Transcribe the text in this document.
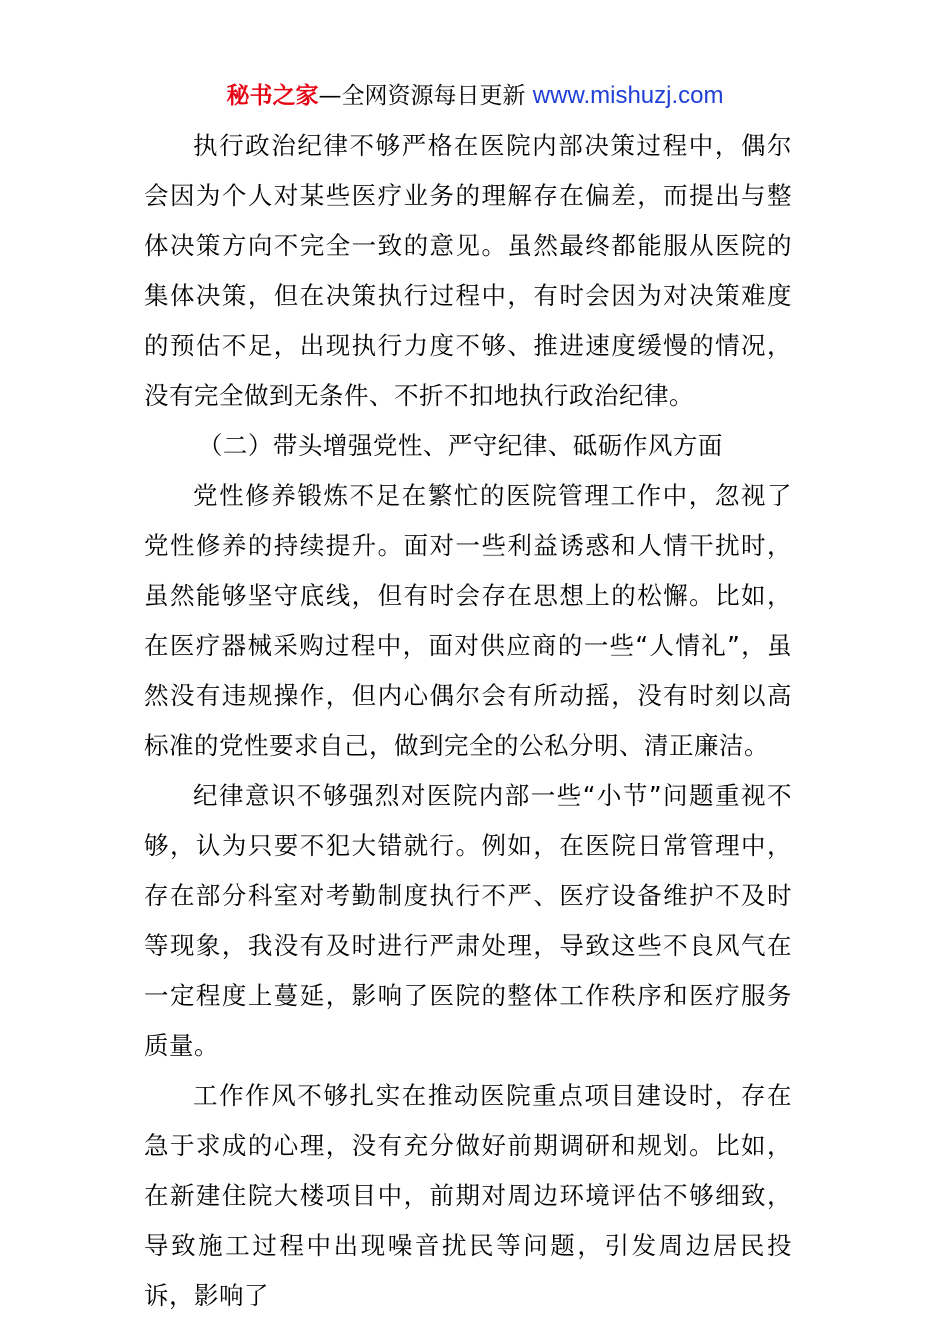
秘书之家—全网资源每日更新 www.mishuzj.com

执行政治纪律不够严格在医院内部决策过程中，偶尔会因为个人对某些医疗业务的理解存在偏差，而提出与整体决策方向不完全一致的意见。虽然最终都能服从医院的集体决策，但在决策执行过程中，有时会因为对决策难度的预估不足，出现执行力度不够、推进速度缓慢的情况，没有完全做到无条件、不折不扣地执行政治纪律。

（二）带头增强党性、严守纪律、砥砺作风方面

党性修养锻炼不足在繁忙的医院管理工作中，忽视了党性修养的持续提升。面对一些利益诱惑和人情干扰时，虽然能够坚守底线，但有时会存在思想上的松懈。比如，在医疗器械采购过程中，面对供应商的一些“人情礼”，虽然没有违规操作，但内心偶尔会有所动摇，没有时刻以高标准的党性要求自己，做到完全的公私分明、清正廉洁。

纪律意识不够强烈对医院内部一些“小节”问题重视不够，认为只要不犯大错就行。例如，在医院日常管理中，存在部分科室对考勤制度执行不严、医疗设备维护不及时等现象，我没有及时进行严肃处理，导致这些不良风气在一定程度上蔓延，影响了医院的整体工作秩序和医疗服务质量。

工作作风不够扎实在推动医院重点项目建设时，存在急于求成的心理，没有充分做好前期调研和规划。比如，在新建住院大楼项目中，前期对周边环境评估不够细致，导致施工过程中出现噪音扰民等问题，引发周边居民投诉，影响了
